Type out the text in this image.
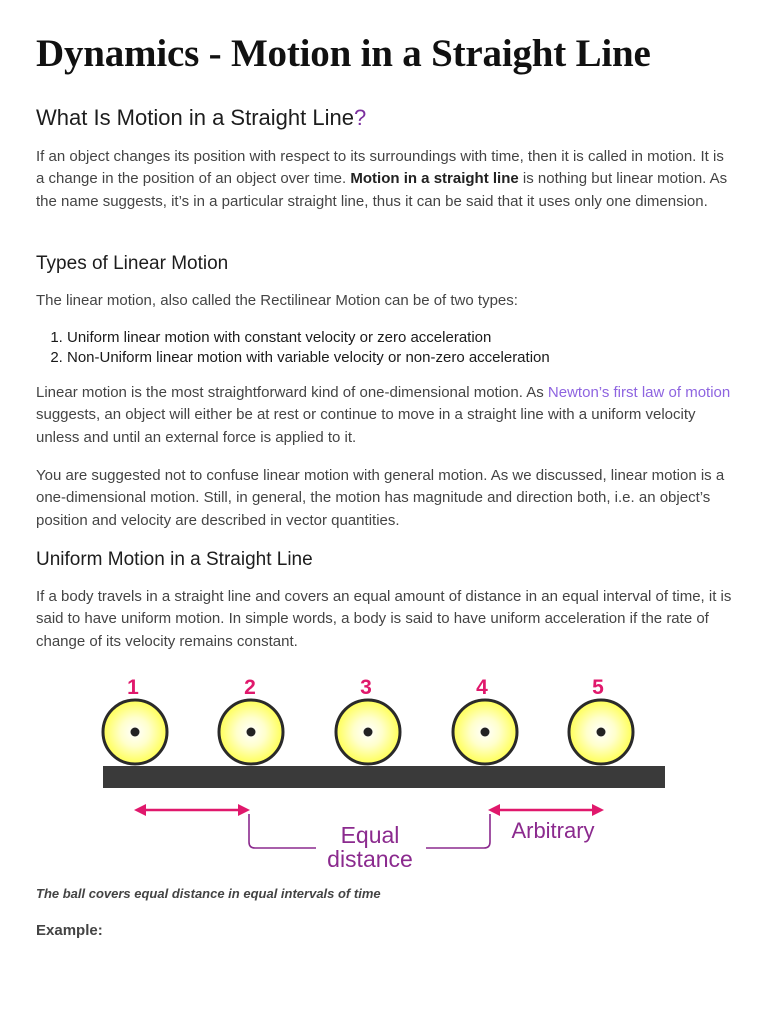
Dynamics - Motion in a Straight Line
What Is Motion in a Straight Line?

If an object changes its position with respect to its surroundings with time, then it is called in motion. It is a change in the position of an object over time. Motion in a straight line is nothing but linear motion. As the name suggests, it’s in a particular straight line, thus it can be said that it uses only one dimension.

Types of Linear Motion

The linear motion, also called the Rectilinear Motion can be of two types:

1. Uniform linear motion with constant velocity or zero acceleration
2. Non-Uniform linear motion with variable velocity or non-zero acceleration

Linear motion is the most straightforward kind of one-dimensional motion. As Newton’s first law of motion suggests, an object will either be at rest or continue to move in a straight line with a uniform velocity unless and until an external force is applied to it.

You are suggested not to confuse linear motion with general motion. As we discussed, linear motion is a one-dimensional motion. Still, in general, the motion has magnitude and direction both, i.e. an object’s position and velocity are described in vector quantities.

Uniform Motion in a Straight Line

If a body travels in a straight line and covers an equal amount of distance in an equal interval of time, it is said to have uniform motion. In simple words, a body is said to have uniform acceleration if the rate of change of its velocity remains constant.

1	2	3	4	5
Equal
distance
Arbitrary

The ball covers equal distance in equal intervals of time

Example:
